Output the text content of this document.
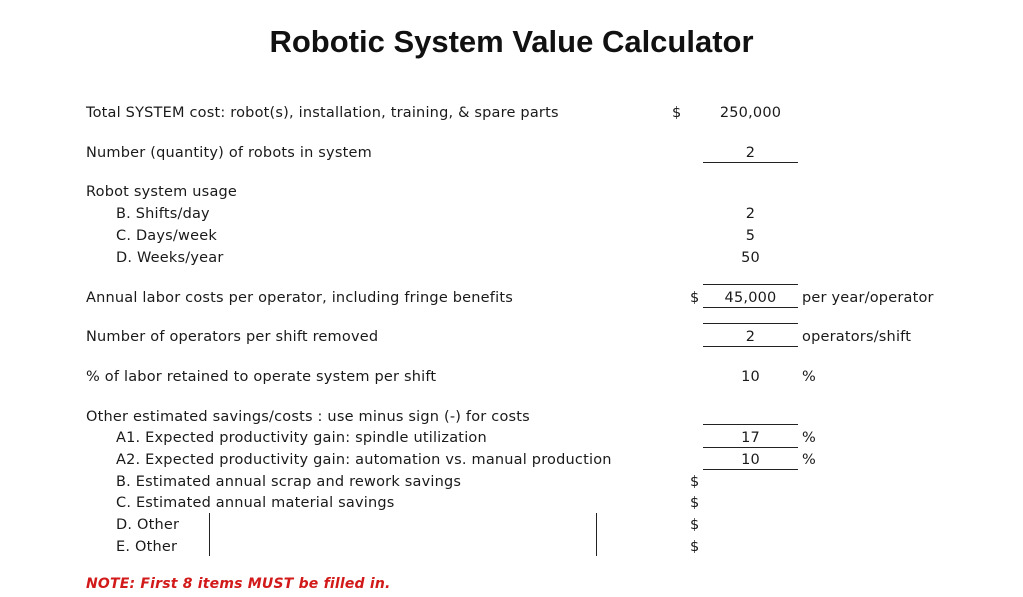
Robotic System Value Calculator
Total SYSTEM cost: robot(s), installation, training, & spare parts	$	250,000
Number (quantity) of robots in system	2
Robot system usage
B. Shifts/day	2
C. Days/week	5
D. Weeks/year	50
Annual labor costs per operator, including fringe benefits	$	45,000	per year/operator
Number of operators per shift removed	2	operators/shift
% of labor retained to operate system per shift	10	%
Other estimated savings/costs : use minus sign (-) for costs
A1. Expected productivity gain: spindle utilization	17	%
A2. Expected productivity gain: automation vs. manual production	10	%
B. Estimated annual scrap and rework savings	$
C. Estimated annual material savings	$
D. Other	$
E. Other	$
NOTE: First 8 items MUST be filled in.
